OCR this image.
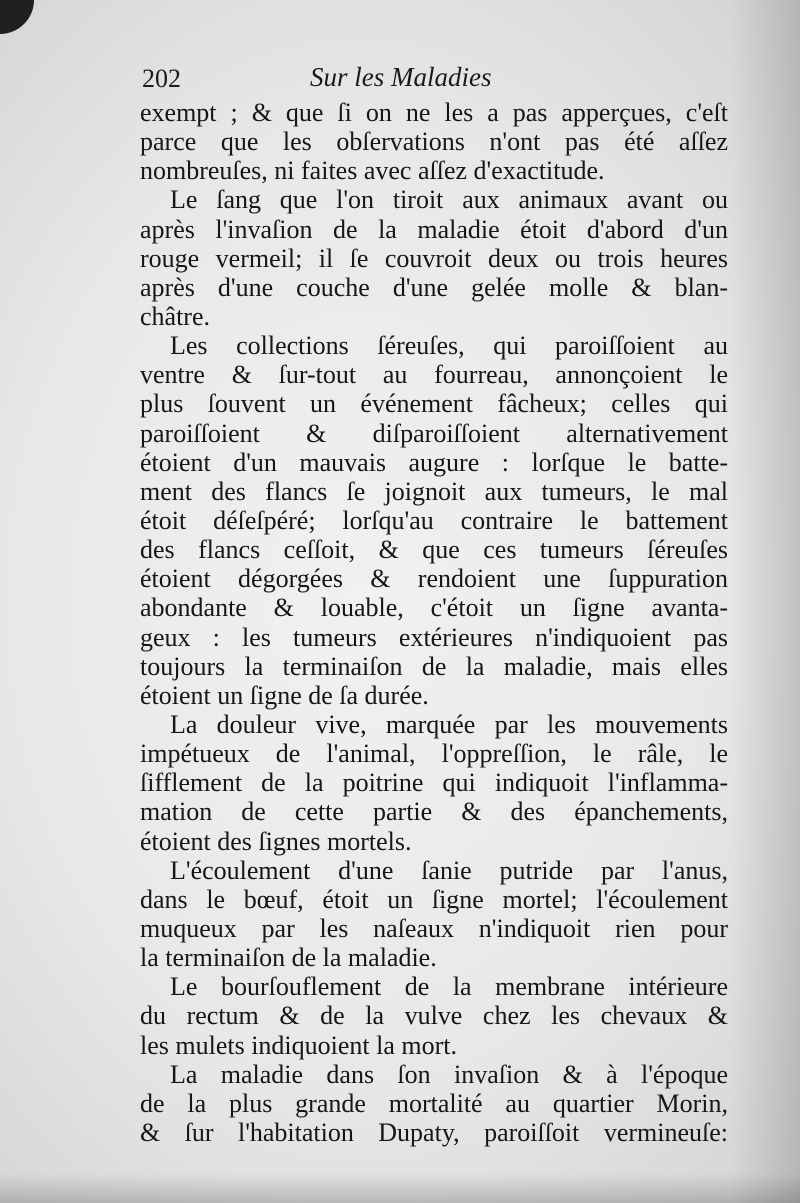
202	Sur les Maladies
exempt ; & que ſi on ne les a pas apperçues, c'eſt
parce que les obſervations n'ont pas été aſſez
nombreuſes, ni faites avec aſſez d'exactitude.
Le ſang que l'on tiroit aux animaux avant ou
après l'invaſion de la maladie étoit d'abord d'un
rouge vermeil; il ſe couvroit deux ou trois heures
après d'une couche d'une gelée molle & blan-
châtre.
Les collections ſéreuſes, qui paroiſſoient au
ventre & ſur-tout au fourreau, annonçoient le
plus ſouvent un événement fâcheux; celles qui
paroiſſoient & diſparoiſſoient alternativement
étoient d'un mauvais augure : lorſque le batte-
ment des flancs ſe joignoit aux tumeurs, le mal
étoit déſeſpéré; lorſqu'au contraire le battement
des flancs ceſſoit, & que ces tumeurs ſéreuſes
étoient dégorgées & rendoient une ſuppuration
abondante & louable, c'étoit un ſigne avanta-
geux : les tumeurs extérieures n'indiquoient pas
toujours la terminaiſon de la maladie, mais elles
étoient un ſigne de ſa durée.
La douleur vive, marquée par les mouvements
impétueux de l'animal, l'oppreſſion, le râle, le
ſifflement de la poitrine qui indiquoit l'inflamma-
mation de cette partie & des épanchements,
étoient des ſignes mortels.
L'écoulement d'une ſanie putride par l'anus,
dans le bœuf, étoit un ſigne mortel; l'écoulement
muqueux par les naſeaux n'indiquoit rien pour
la terminaiſon de la maladie.
Le bourſouflement de la membrane intérieure
du rectum & de la vulve chez les chevaux &
les mulets indiquoient la mort.
La maladie dans ſon invaſion & à l'époque
de la plus grande mortalité au quartier Morin,
& ſur l'habitation Dupaty, paroiſſoit vermineuſe:
